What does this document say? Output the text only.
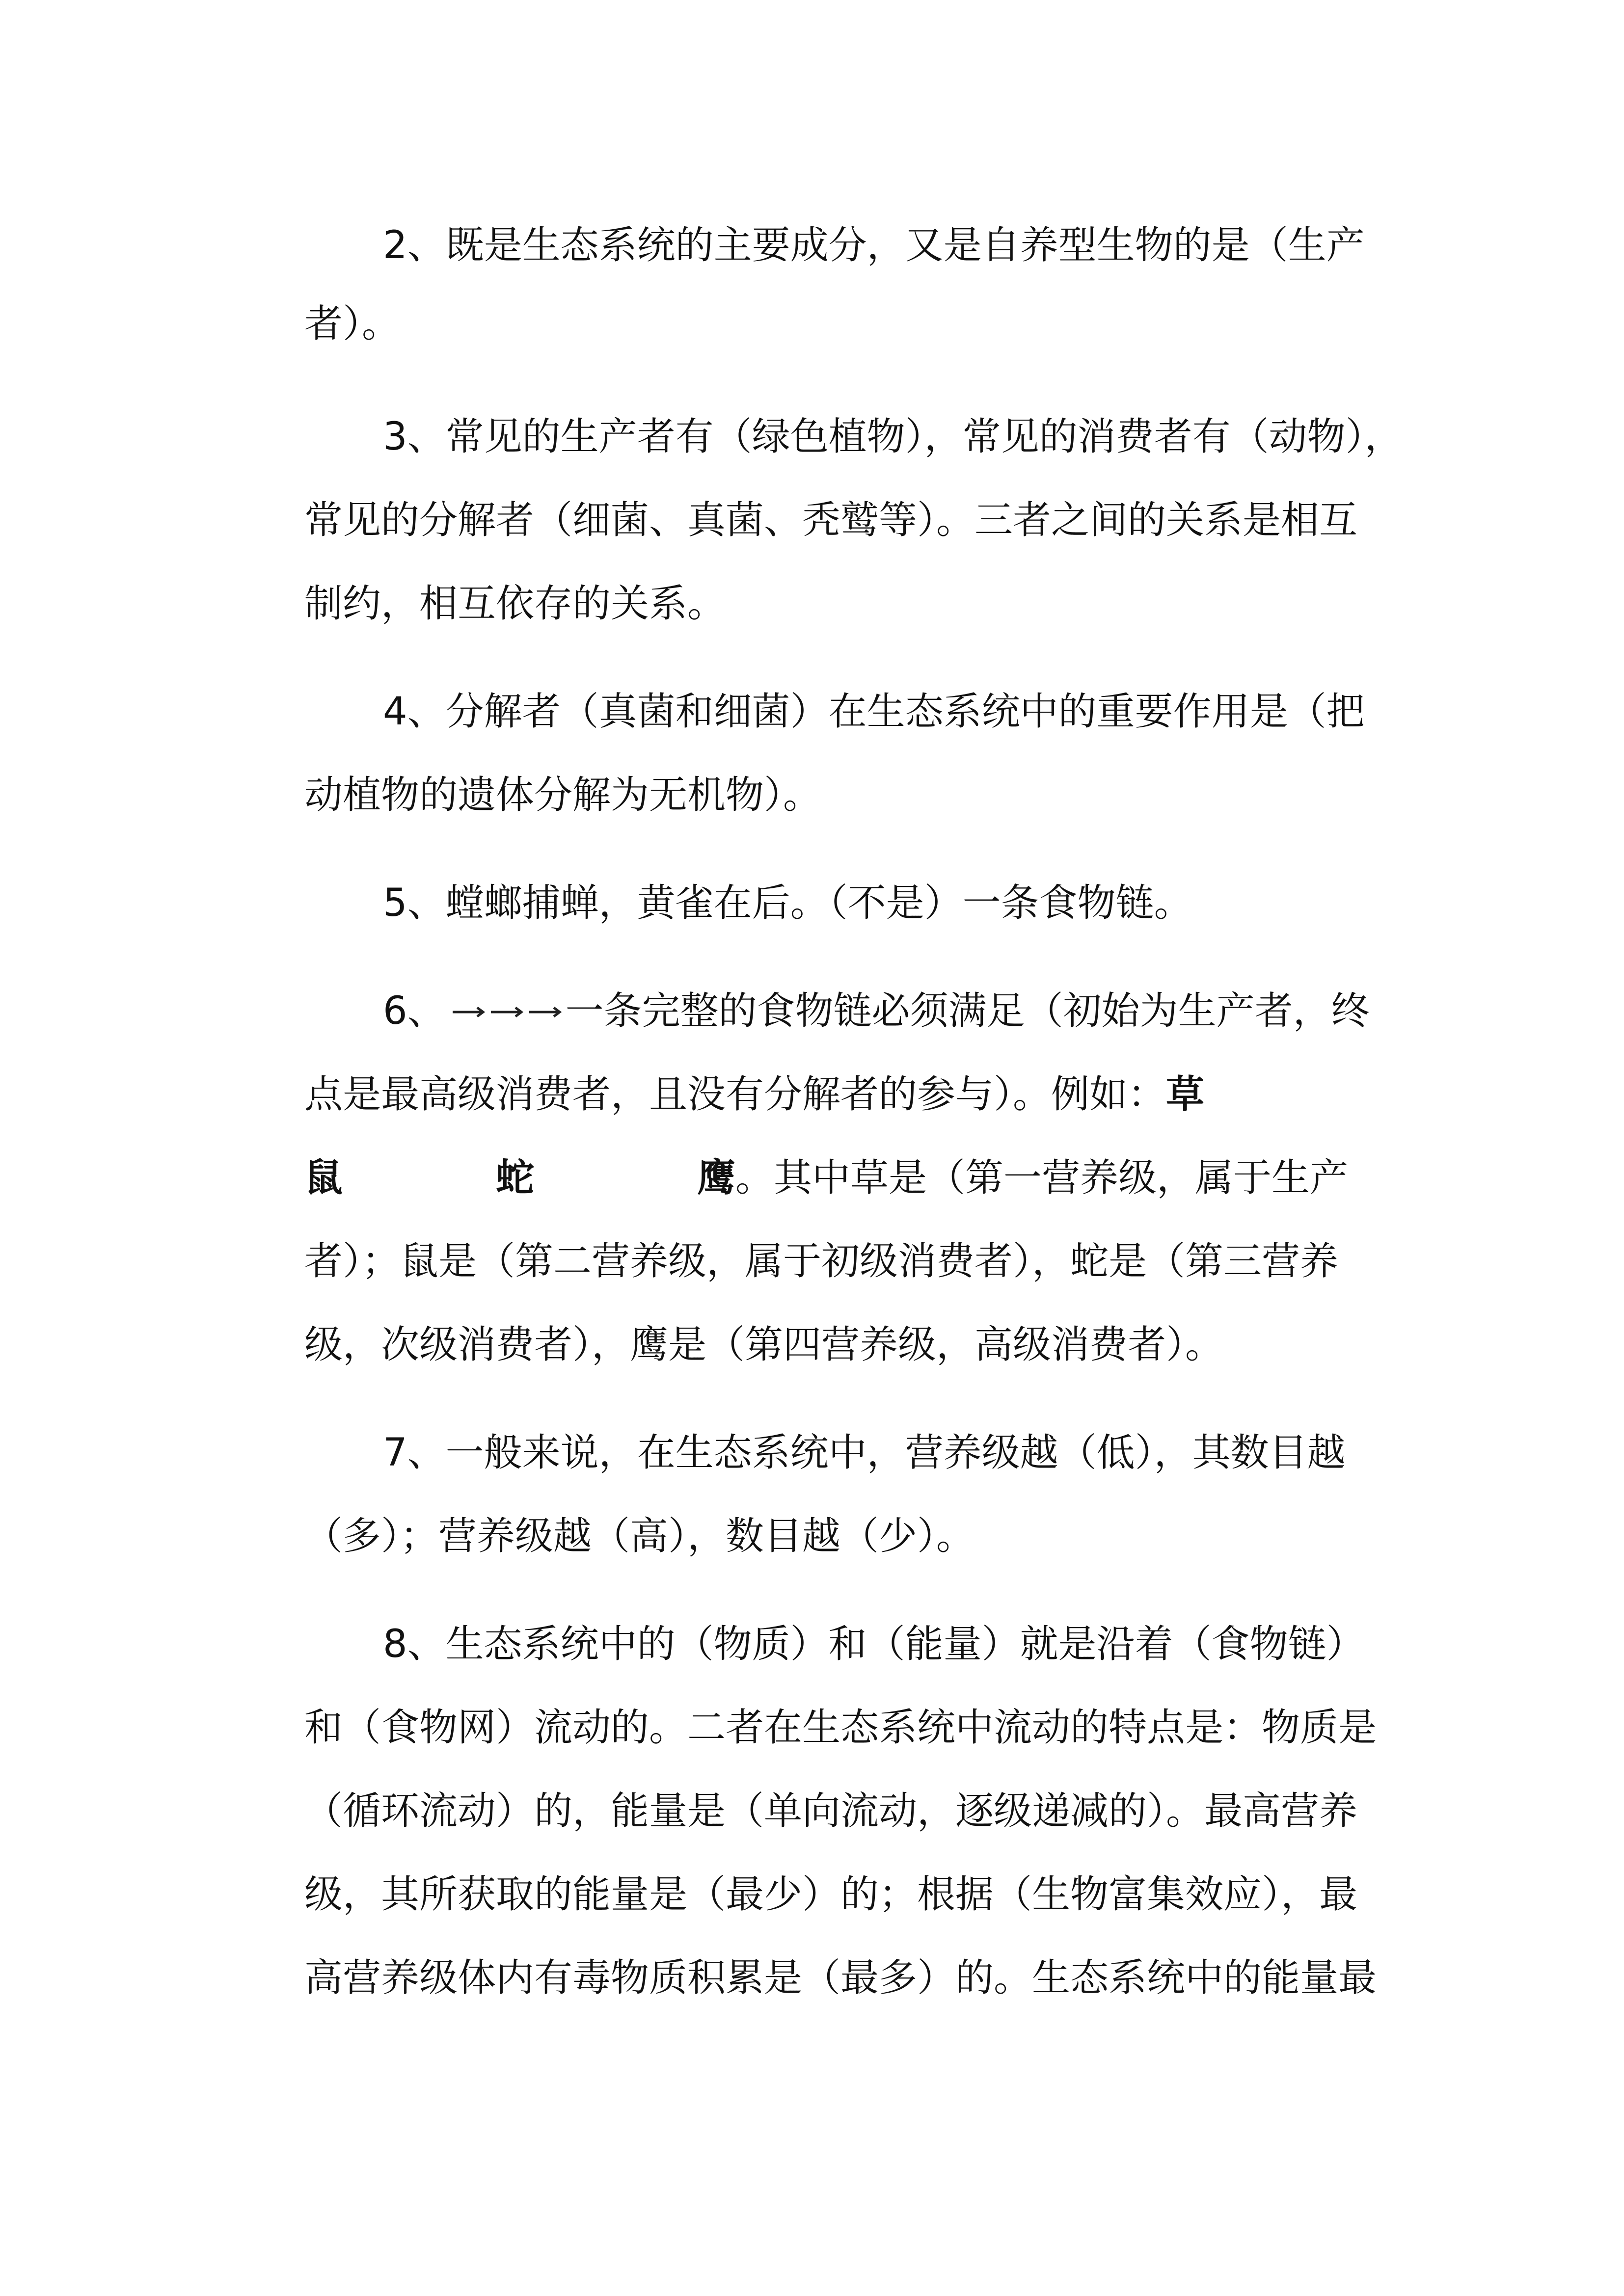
2、既是生态系统的主要成分，又是自养型生物的是（生产
者）。
3、常见的生产者有（绿色植物），常见的消费者有（动物），
常见的分解者（细菌、真菌、秃鹫等）。三者之间的关系是相互
制约，相互依存的关系。
4、分解者（真菌和细菌）在生态系统中的重要作用是（把
动植物的遗体分解为无机物）。
5、螳螂捕蝉，黄雀在后。（不是）一条食物链。
6、	一条完整的食物链必须满足（初始为生产者，终
点是最高级消费者，且没有分解者的参与）。例如：草
鼠	蛇	鹰。其中草是（第一营养级，属于生产
者）；鼠是（第二营养级，属于初级消费者），蛇是（第三营养
级，次级消费者），鹰是（第四营养级，高级消费者）。
7、一般来说，在生态系统中，营养级越（低），其数目越
（多）；营养级越（高），数目越（少）。
8、生态系统中的（物质）和（能量）就是沿着（食物链）
和（食物网）流动的。二者在生态系统中流动的特点是：物质是
（循环流动）的，能量是（单向流动，逐级递减的）。最高营养
级，其所获取的能量是（最少）的；根据（生物富集效应），最
高营养级体内有毒物质积累是（最多）的。生态系统中的能量最
